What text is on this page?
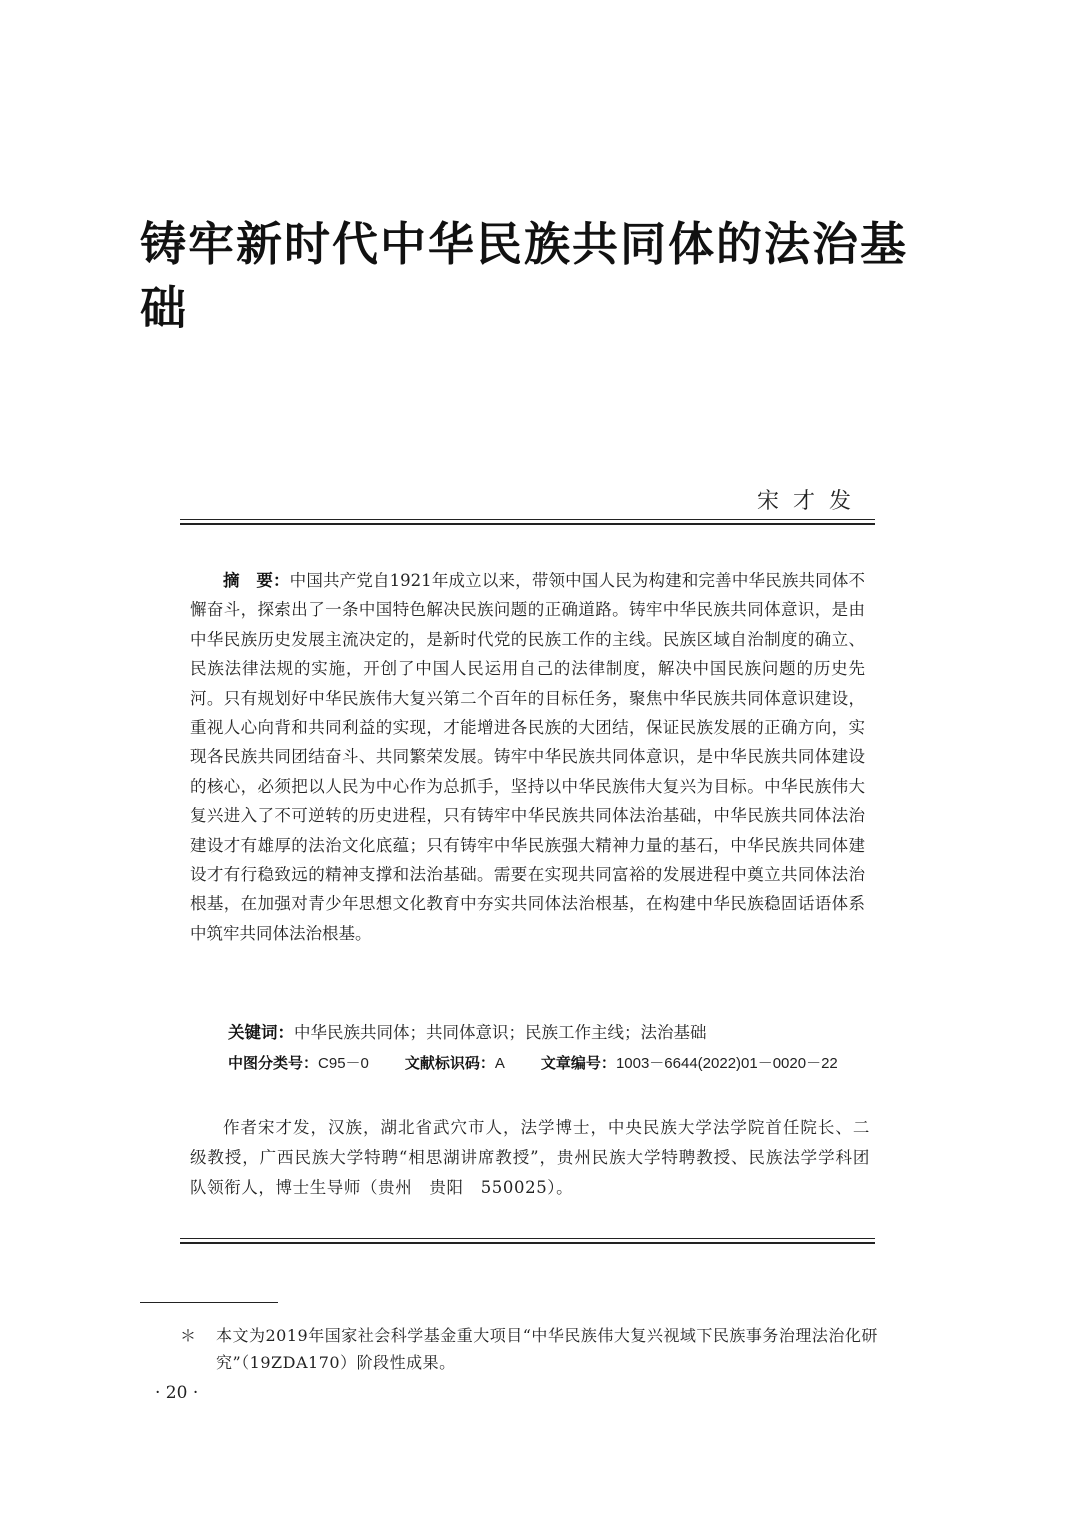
铸牢新时代中华民族共同体的法治基础
宋才发

摘　要：中国共产党自1921年成立以来，带领中国人民为构建和完善中华民族共同体不懈奋斗，探索出了一条中国特色解决民族问题的正确道路。铸牢中华民族共同体意识，是由中华民族历史发展主流决定的，是新时代党的民族工作的主线。民族区域自治制度的确立、民族法律法规的实施，开创了中国人民运用自己的法律制度，解决中国民族问题的历史先河。只有规划好中华民族伟大复兴第二个百年的目标任务，聚焦中华民族共同体意识建设，重视人心向背和共同利益的实现，才能增进各民族的大团结，保证民族发展的正确方向，实现各民族共同团结奋斗、共同繁荣发展。铸牢中华民族共同体意识，是中华民族共同体建设的核心，必须把以人民为中心作为总抓手，坚持以中华民族伟大复兴为目标。中华民族伟大复兴进入了不可逆转的历史进程，只有铸牢中华民族共同体法治基础，中华民族共同体法治建设才有雄厚的法治文化底蕴；只有铸牢中华民族强大精神力量的基石，中华民族共同体建设才有行稳致远的精神支撑和法治基础。需要在实现共同富裕的发展进程中奠立共同体法治根基，在加强对青少年思想文化教育中夯实共同体法治根基，在构建中华民族稳固话语体系中筑牢共同体法治根基。

关键词：中华民族共同体；共同体意识；民族工作主线；法治基础

中图分类号：C95－0 文献标识码：A 文章编号：1003－6644(2022)01－0020－22

作者宋才发，汉族，湖北省武穴市人，法学博士，中央民族大学法学院首任院长、二级教授，广西民族大学特聘“相思湖讲席教授”，贵州民族大学特聘教授、民族法学学科团队领衔人，博士生导师（贵州　贵阳　550025）。

＊	本文为2019年国家社会科学基金重大项目“中华民族伟大复兴视域下民族事务治理法治化研究”（19ZDA170）阶段性成果。
· 20 ·
